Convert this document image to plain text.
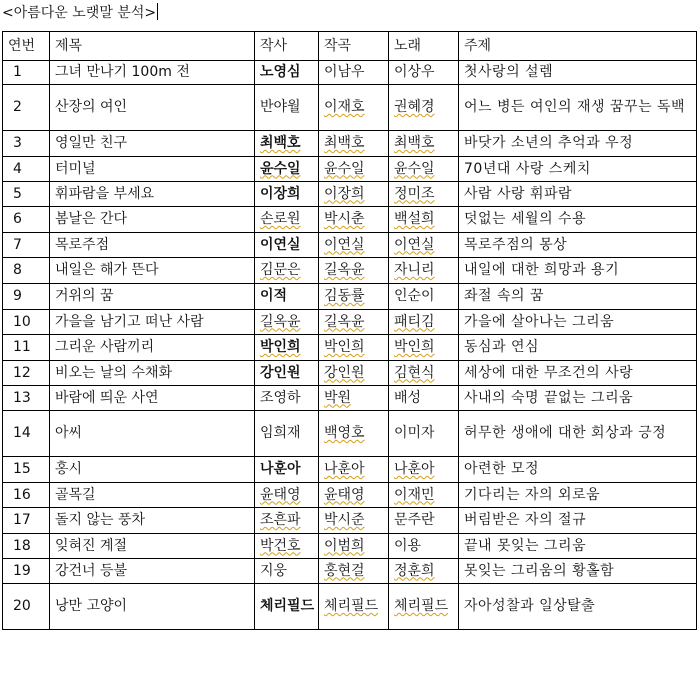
<아름다운 노랫말 분석>
연번	제목	작사	작곡	노래	주제
1	그녀 만나기 100m 전	노영심	이남우	이상우	첫사랑의 설렘
2	산장의 여인	반야월	이재호	권혜경	어느 병든 여인의 재생 꿈꾸는 독백
3	영일만 친구	최백호	최백호	최백호	바닷가 소년의 추억과 우정
4	터미널	윤수일	윤수일	윤수일	70년대 사랑 스케치
5	휘파람을 부세요	이장희	이장희	정미조	사람 사랑 휘파람
6	봄날은 간다	손로원	박시춘	백설희	덧없는 세월의 수용
7	목로주점	이연실	이연실	이연실	목로주점의 몽상
8	내일은 해가 뜬다	김문은	길옥윤	자니리	내일에 대한 희망과 용기
9	거위의 꿈	이적	김동률	인순이	좌절 속의 꿈
10	가을을 남기고 떠난 사람	길옥윤	길옥윤	패티김	가을에 살아나는 그리움
11	그리운 사람끼리	박인희	박인희	박인희	동심과 연심
12	비오는 날의 수채화	강인원	강인원	김현식	세상에 대한 무조건의 사랑
13	바람에 띄운 사연	조영하	박원	배성	사내의 숙명 끝없는 그리움
14	아씨	임희재	백영호	이미자	허무한 생애에 대한 회상과 긍정
15	홍시	나훈아	나훈아	나훈아	아련한 모정
16	골목길	윤태영	윤태영	이재민	기다리는 자의 외로움
17	돌지 않는 풍차	조흔파	박시준	문주란	버림받은 자의 절규
18	잊혀진 계절	박건호	이범희	이용	끝내 못잊는 그리움
19	강건너 등불	지웅	홍현걸	정훈희	못잊는 그리움의 황홀함
20	낭만 고양이	체리필드	체리필드	체리필드	자아성찰과 일상탈출
